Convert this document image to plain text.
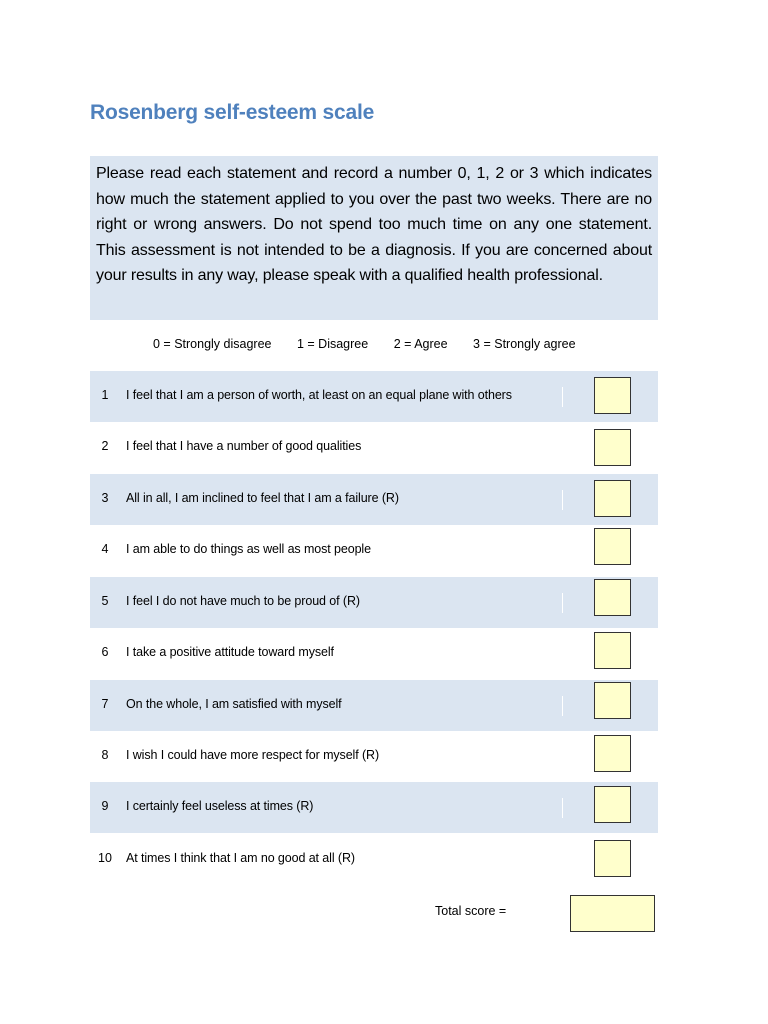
Rosenberg self-esteem scale
Please read each statement and record a number 0, 1, 2 or 3 which indicates how much the statement applied to you over the past two weeks. There are no right or wrong answers. Do not spend too much time on any one statement. This assessment is not intended to be a diagnosis. If you are concerned about your results in any way, please speak with a qualified health professional.
0 = Strongly disagree 1 = Disagree 2 = Agree 3 = Strongly agree
1	I feel that I am a person of worth, at least on an equal plane with others
2	I feel that I have a number of good qualities
3	All in all, I am inclined to feel that I am a failure (R)
4	I am able to do things as well as most people
5	I feel I do not have much to be proud of (R)
6	I take a positive attitude toward myself
7	On the whole, I am satisfied with myself
8	I wish I could have more respect for myself (R)
9	I certainly feel useless at times (R)
10	At times I think that I am no good at all (R)
Total score =
